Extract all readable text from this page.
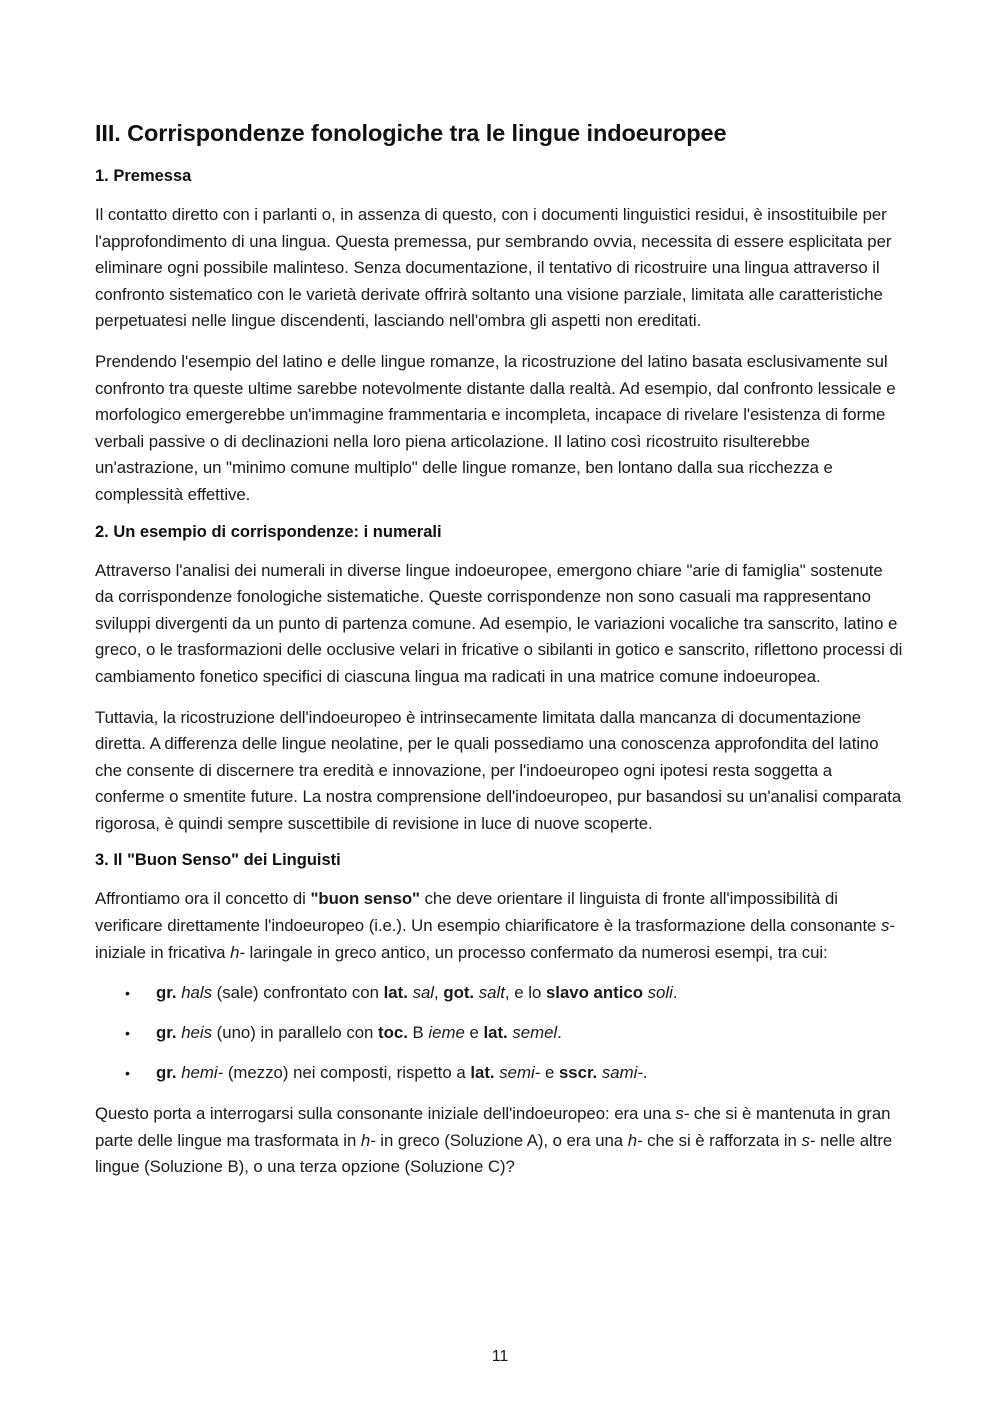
III. Corrispondenze fonologiche tra le lingue indoeuropee
1. Premessa

Il contatto diretto con i parlanti o, in assenza di questo, con i documenti linguistici residui, è insostituibile per l'approfondimento di una lingua. Questa premessa, pur sembrando ovvia, necessita di essere esplicitata per eliminare ogni possibile malinteso. Senza documentazione, il tentativo di ricostruire una lingua attraverso il confronto sistematico con le varietà derivate offrirà soltanto una visione parziale, limitata alle caratteristiche perpetuatesi nelle lingue discendenti, lasciando nell'ombra gli aspetti non ereditati.

Prendendo l'esempio del latino e delle lingue romanze, la ricostruzione del latino basata esclusivamente sul confronto tra queste ultime sarebbe notevolmente distante dalla realtà. Ad esempio, dal confronto lessicale e morfologico emergerebbe un'immagine frammentaria e incompleta, incapace di rivelare l'esistenza di forme verbali passive o di declinazioni nella loro piena articolazione. Il latino così ricostruito risulterebbe un'astrazione, un "minimo comune multiplo" delle lingue romanze, ben lontano dalla sua ricchezza e complessità effettive.

2. Un esempio di corrispondenze: i numerali

Attraverso l'analisi dei numerali in diverse lingue indoeuropee, emergono chiare "arie di famiglia" sostenute da corrispondenze fonologiche sistematiche. Queste corrispondenze non sono casuali ma rappresentano sviluppi divergenti da un punto di partenza comune. Ad esempio, le variazioni vocaliche tra sanscrito, latino e greco, o le trasformazioni delle occlusive velari in fricative o sibilanti in gotico e sanscrito, riflettono processi di cambiamento fonetico specifici di ciascuna lingua ma radicati in una matrice comune indoeuropea.

Tuttavia, la ricostruzione dell'indoeuropeo è intrinsecamente limitata dalla mancanza di documentazione diretta. A differenza delle lingue neolatine, per le quali possediamo una conoscenza approfondita del latino che consente di discernere tra eredità e innovazione, per l'indoeuropeo ogni ipotesi resta soggetta a conferme o smentite future. La nostra comprensione dell'indoeuropeo, pur basandosi su un'analisi comparata rigorosa, è quindi sempre suscettibile di revisione in luce di nuove scoperte.

3. Il "Buon Senso" dei Linguisti

Affrontiamo ora il concetto di "buon senso" che deve orientare il linguista di fronte all'impossibilità di verificare direttamente l'indoeuropeo (i.e.). Un esempio chiarificatore è la trasformazione della consonante s- iniziale in fricativa h- laringale in greco antico, un processo confermato da numerosi esempi, tra cui:

• gr. hals (sale) confrontato con lat. sal, got. salt, e lo slavo antico soli.
• gr. heis (uno) in parallelo con toc. B ieme e lat. semel.
• gr. hemi- (mezzo) nei composti, rispetto a lat. semi- e sscr. sami-.

Questo porta a interrogarsi sulla consonante iniziale dell'indoeuropeo: era una s- che si è mantenuta in gran parte delle lingue ma trasformata in h- in greco (Soluzione A), o era una h- che si è rafforzata in s- nelle altre lingue (Soluzione B), o una terza opzione (Soluzione C)?

11
